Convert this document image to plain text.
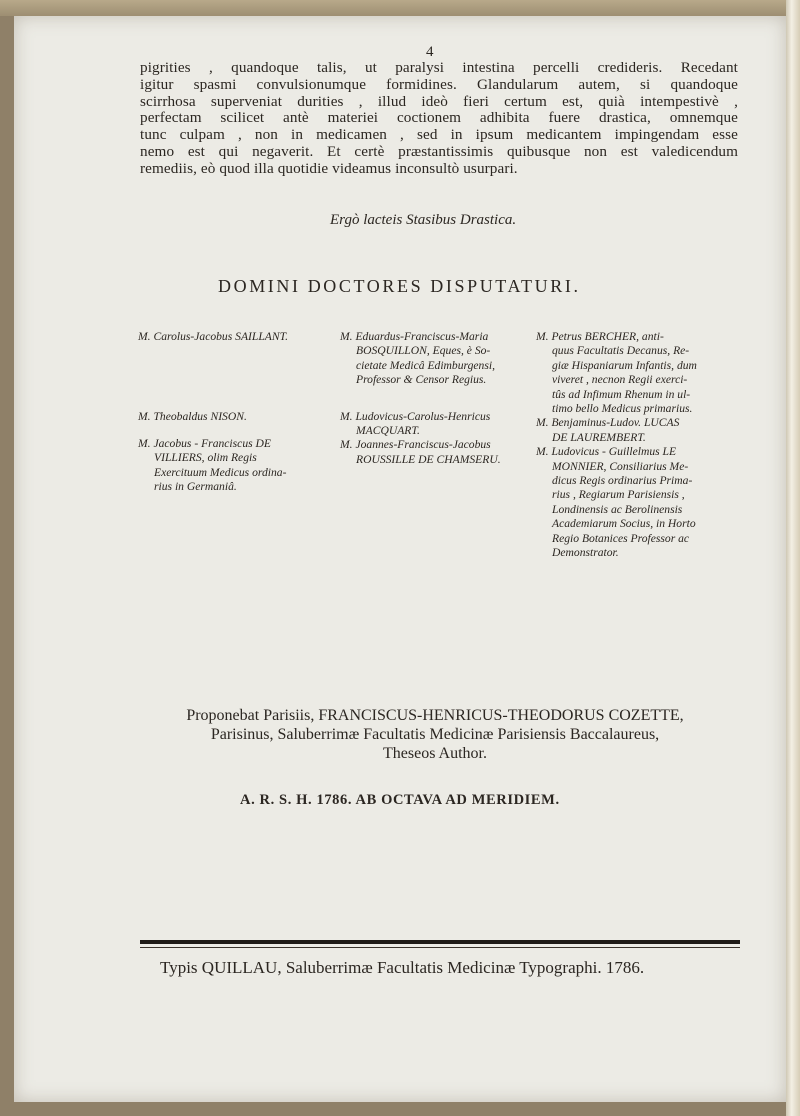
4
pigrities , quandoque talis, ut paralysi intestina percelli credideris. Recedant
igitur spasmi convulsionumque formidines. Glandularum autem, si quandoque
scirrhosa superveniat durities , illud ideò fieri certum est, quià intempestivè ,
perfectam scilicet antè materiei coctionem adhibita fuere drastica, omnemque
tunc culpam , non in medicamen , sed in ipsum medicantem impingendam esse
nemo est qui negaverit. Et certè præstantissimis quibusque non est valedicendum
remediis, eò quod illa quotidie videamus inconsultò usurpari.
Ergò lacteis Stasibus Drastica.
DOMINI DOCTORES DISPUTATURI.
M. Carolus-Jacobus SAILLANT.
M. Theobaldus NISON.
M. Jacobus - Franciscus DE
VILLIERS, olim Regis
Exercituum Medicus ordina-
rius in Germaniâ.
M. Eduardus-Franciscus-Maria
BOSQUILLON, Eques, è So-
cietate Medicâ Edimburgensi,
Professor & Censor Regius.
M. Ludovicus-Carolus-Henricus
MACQUART.
M. Joannes-Franciscus-Jacobus
ROUSSILLE DE CHAMSERU.
M. Petrus BERCHER, anti-
quus Facultatis Decanus, Re-
giæ Hispaniarum Infantis, dum
viveret , necnon Regii exerci-
tûs ad Infimum Rhenum in ul-
timo bello Medicus primarius.
M. Benjaminus-Ludov. LUCAS
DE LAUREMBERT.
M. Ludovicus - Guillelmus LE
MONNIER, Consiliarius Me-
dicus Regis ordinarius Prima-
rius , Regiarum Parisiensis ,
Londinensis ac Berolinensis
Academiarum Socius, in Horto
Regio Botanices Professor ac
Demonstrator.
Proponebat Parisiis, FRANCISCUS-HENRICUS-THEODORUS COZETTE,
Parisinus, Saluberrimæ Facultatis Medicinæ Parisiensis Baccalaureus,
Theseos Author.
A. R. S. H. 1786. AB OCTAVA AD MERIDIEM.
Typis QUILLAU, Saluberrimæ Facultatis Medicinæ Typographi. 1786.
